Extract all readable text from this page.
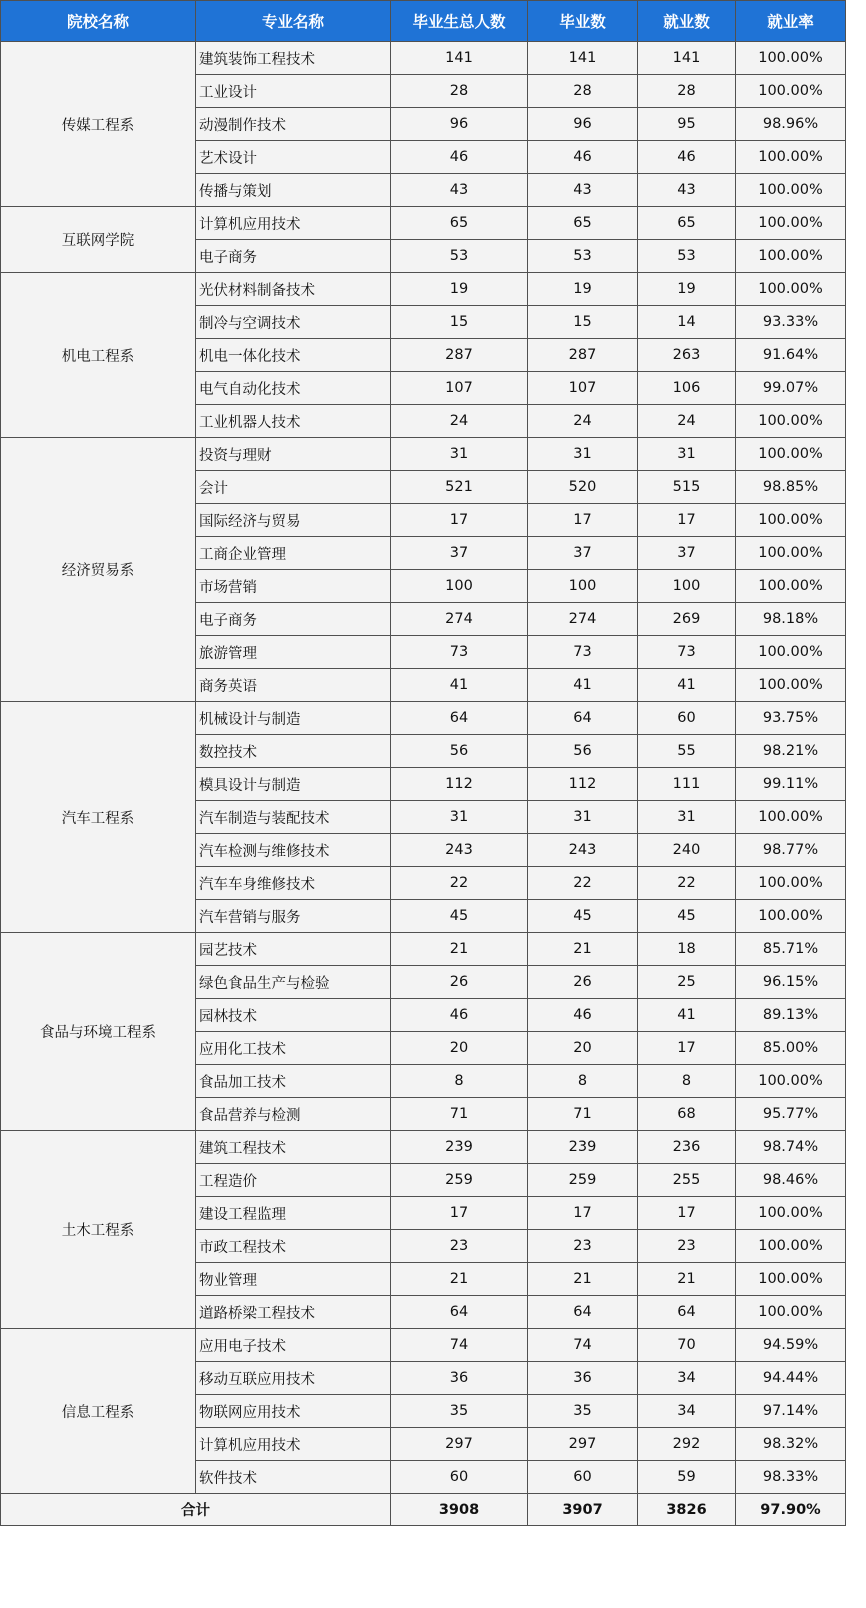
院校名称	专业名称	毕业生总人数	毕业数	就业数	就业率
传媒工程系	建筑装饰工程技术	141	141	141	100.00%
	工业设计	28	28	28	100.00%
	动漫制作技术	96	96	95	98.96%
	艺术设计	46	46	46	100.00%
	传播与策划	43	43	43	100.00%
互联网学院	计算机应用技术	65	65	65	100.00%
	电子商务	53	53	53	100.00%
机电工程系	光伏材料制备技术	19	19	19	100.00%
	制冷与空调技术	15	15	14	93.33%
	机电一体化技术	287	287	263	91.64%
	电气自动化技术	107	107	106	99.07%
	工业机器人技术	24	24	24	100.00%
经济贸易系	投资与理财	31	31	31	100.00%
	会计	521	520	515	98.85%
	国际经济与贸易	17	17	17	100.00%
	工商企业管理	37	37	37	100.00%
	市场营销	100	100	100	100.00%
	电子商务	274	274	269	98.18%
	旅游管理	73	73	73	100.00%
	商务英语	41	41	41	100.00%
汽车工程系	机械设计与制造	64	64	60	93.75%
	数控技术	56	56	55	98.21%
	模具设计与制造	112	112	111	99.11%
	汽车制造与装配技术	31	31	31	100.00%
	汽车检测与维修技术	243	243	240	98.77%
	汽车车身维修技术	22	22	22	100.00%
	汽车营销与服务	45	45	45	100.00%
食品与环境工程系	园艺技术	21	21	18	85.71%
	绿色食品生产与检验	26	26	25	96.15%
	园林技术	46	46	41	89.13%
	应用化工技术	20	20	17	85.00%
	食品加工技术	8	8	8	100.00%
	食品营养与检测	71	71	68	95.77%
土木工程系	建筑工程技术	239	239	236	98.74%
	工程造价	259	259	255	98.46%
	建设工程监理	17	17	17	100.00%
	市政工程技术	23	23	23	100.00%
	物业管理	21	21	21	100.00%
	道路桥梁工程技术	64	64	64	100.00%
信息工程系	应用电子技术	74	74	70	94.59%
	移动互联应用技术	36	36	34	94.44%
	物联网应用技术	35	35	34	97.14%
	计算机应用技术	297	297	292	98.32%
	软件技术	60	60	59	98.33%
合计		3908	3907	3826	97.90%
